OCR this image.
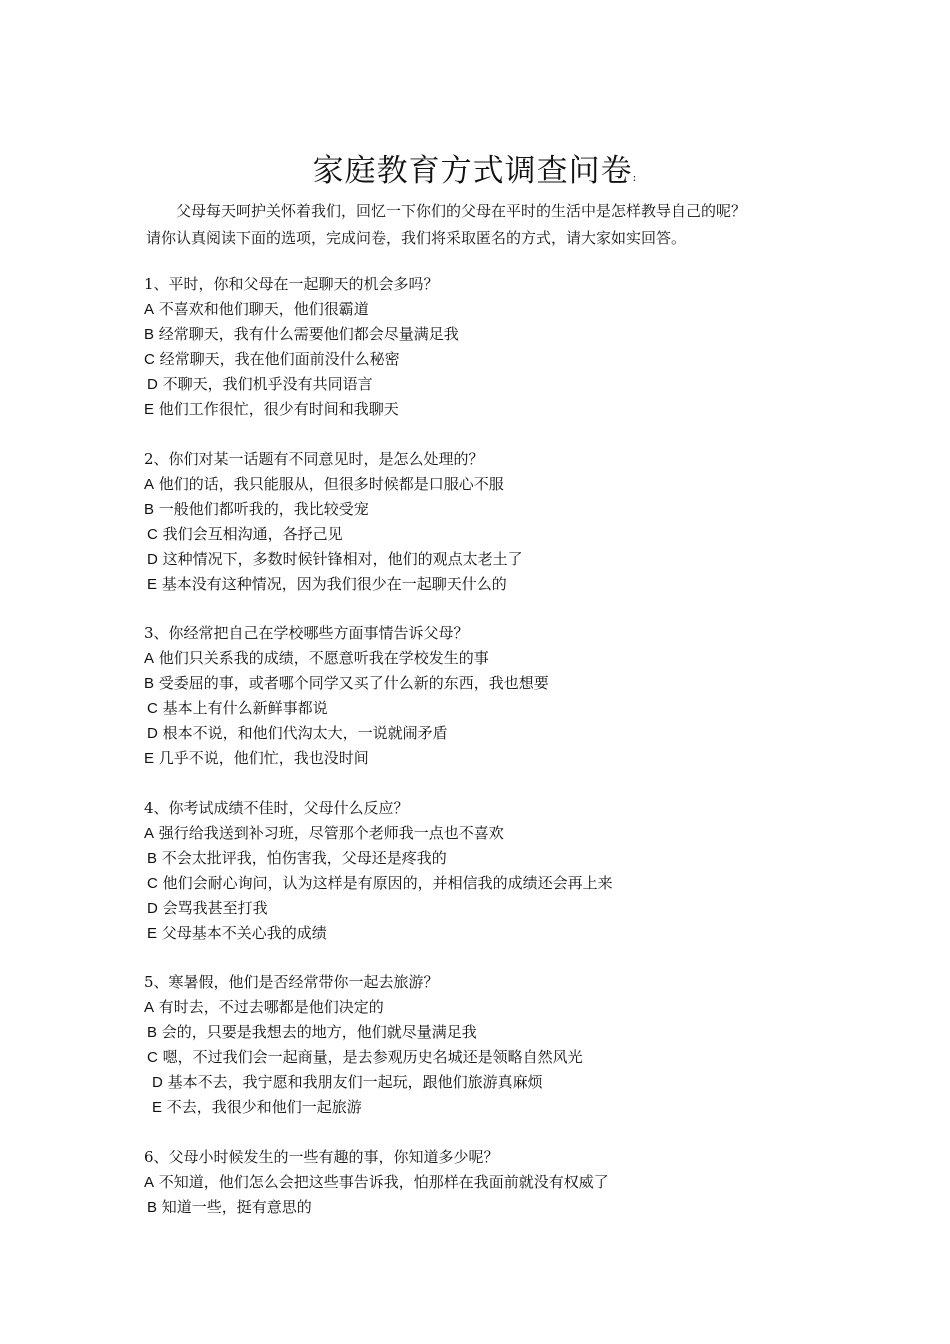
家庭教育方式调查问卷:

父母每天呵护关怀着我们，回忆一下你们的父母在平时的生活中是怎样教导自己的呢？

请你认真阅读下面的选项，完成问卷，我们将采取匿名的方式，请大家如实回答。

1、平时，你和父母在一起聊天的机会多吗？
A 不喜欢和他们聊天，他们很霸道
B 经常聊天，我有什么需要他们都会尽量满足我
C 经常聊天，我在他们面前没什么秘密
D 不聊天，我们机乎没有共同语言
E 他们工作很忙，很少有时间和我聊天
2、你们对某一话题有不同意见时，是怎么处理的？
A 他们的话，我只能服从，但很多时候都是口服心不服
B 一般他们都听我的，我比较受宠
C 我们会互相沟通，各抒己见
D 这种情况下，多数时候针锋相对，他们的观点太老土了
E 基本没有这种情况，因为我们很少在一起聊天什么的
3、你经常把自己在学校哪些方面事情告诉父母？
A 他们只关系我的成绩，不愿意听我在学校发生的事
B 受委屈的事，或者哪个同学又买了什么新的东西，我也想要
C 基本上有什么新鲜事都说
D 根本不说，和他们代沟太大，一说就闹矛盾
E 几乎不说，他们忙，我也没时间
4、你考试成绩不佳时，父母什么反应？
A 强行给我送到补习班，尽管那个老师我一点也不喜欢
B 不会太批评我，怕伤害我，父母还是疼我的
C 他们会耐心询问，认为这样是有原因的，并相信我的成绩还会再上来
D 会骂我甚至打我
E 父母基本不关心我的成绩
5、寒暑假，他们是否经常带你一起去旅游？
A 有时去，不过去哪都是他们决定的
B 会的，只要是我想去的地方，他们就尽量满足我
C 嗯，不过我们会一起商量，是去参观历史名城还是领略自然风光
D 基本不去，我宁愿和我朋友们一起玩，跟他们旅游真麻烦
E 不去，我很少和他们一起旅游
6、父母小时候发生的一些有趣的事，你知道多少呢？
A 不知道，他们怎么会把这些事告诉我，怕那样在我面前就没有权威了
B 知道一些，挺有意思的
